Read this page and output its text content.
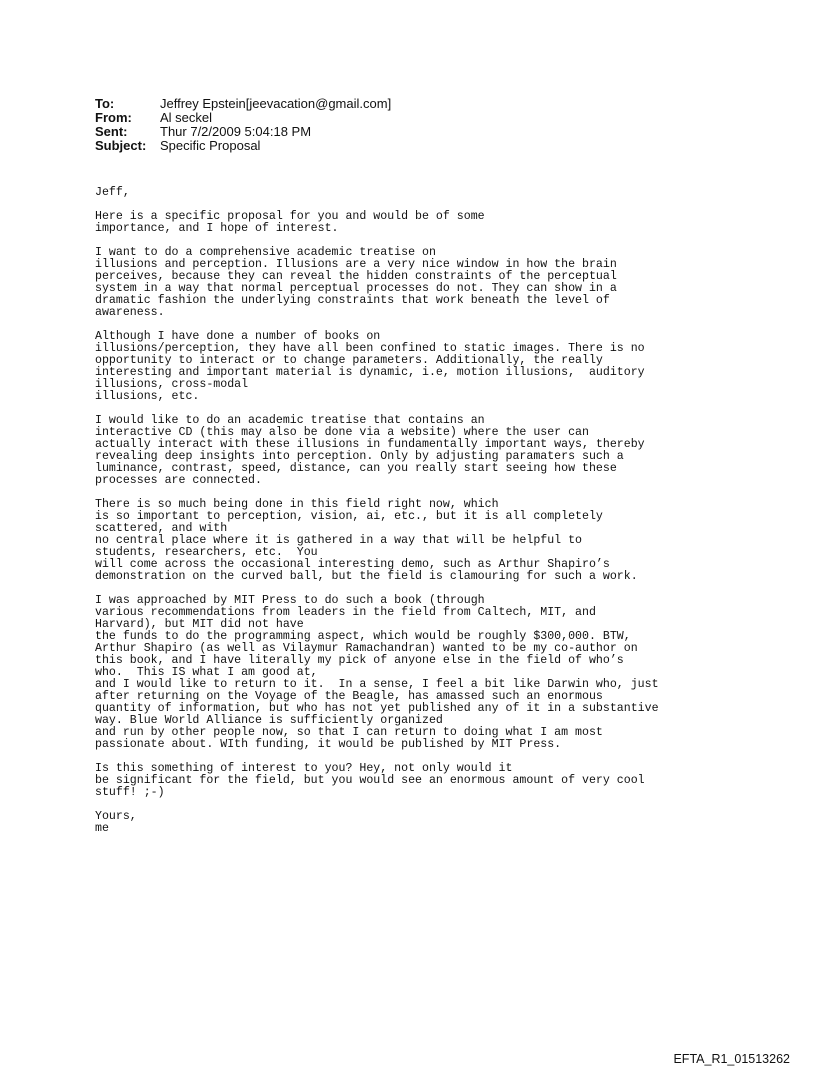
To:	Jeffrey Epstein[jeevacation@gmail.com]
From:	Al seckel
Sent:	Thur 7/2/2009 5:04:18 PM
Subject:	Specific Proposal
Jeff,
Here is a specific proposal for you and would be of some
importance, and I hope of interest.
I want to do a comprehensive academic treatise on
illusions and perception. Illusions are a very nice window in how the brain
perceives, because they can reveal the hidden constraints of the perceptual
system in a way that normal perceptual processes do not. They can show in a
dramatic fashion the underlying constraints that work beneath the level of
awareness.
Although I have done a number of books on
illusions/perception, they have all been confined to static images. There is no
opportunity to interact or to change parameters. Additionally, the really
interesting and important material is dynamic, i.e, motion illusions,  auditory
illusions, cross-modal
illusions, etc.
I would like to do an academic treatise that contains an
interactive CD (this may also be done via a website) where the user can
actually interact with these illusions in fundamentally important ways, thereby
revealing deep insights into perception. Only by adjusting paramaters such a
luminance, contrast, speed, distance, can you really start seeing how these
processes are connected.
There is so much being done in this field right now, which
is so important to perception, vision, ai, etc., but it is all completely
scattered, and with
no central place where it is gathered in a way that will be helpful to
students, researchers, etc.  You
will come across the occasional interesting demo, such as Arthur Shapiro’s
demonstration on the curved ball, but the field is clamouring for such a work.
I was approached by MIT Press to do such a book (through
various recommendations from leaders in the field from Caltech, MIT, and
Harvard), but MIT did not have
the funds to do the programming aspect, which would be roughly $300,000. BTW,
Arthur Shapiro (as well as Vilaymur Ramachandran) wanted to be my co-author on
this book, and I have literally my pick of anyone else in the field of who’s
who.  This IS what I am good at,
and I would like to return to it.  In a sense, I feel a bit like Darwin who, just
after returning on the Voyage of the Beagle, has amassed such an enormous
quantity of information, but who has not yet published any of it in a substantive
way. Blue World Alliance is sufficiently organized
and run by other people now, so that I can return to doing what I am most
passionate about. WIth funding, it would be published by MIT Press.
Is this something of interest to you? Hey, not only would it
be significant for the field, but you would see an enormous amount of very cool
stuff! ;-)
Yours,
me
EFTA_R1_01513262
